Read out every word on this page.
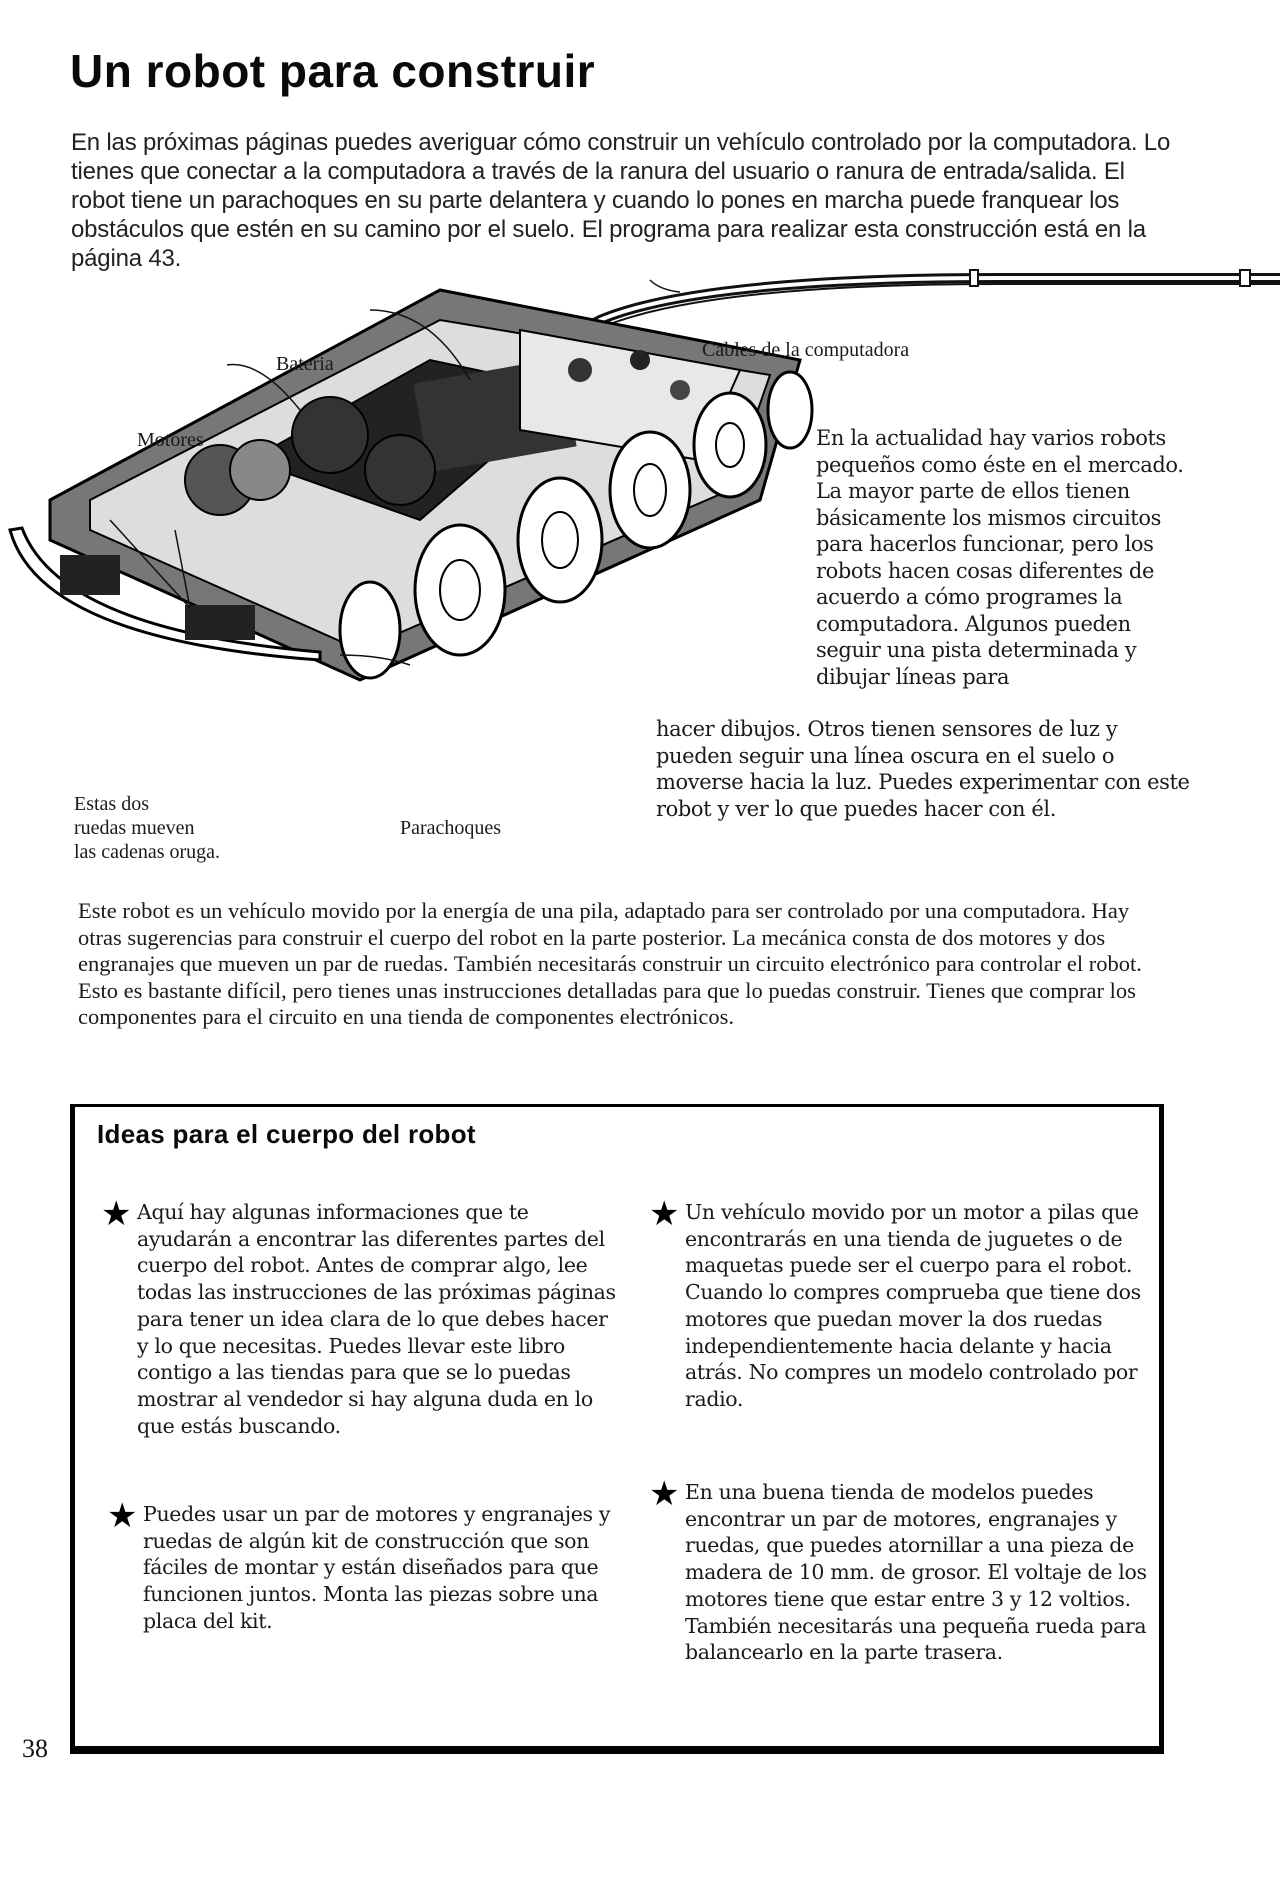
Un robot para construir

En las próximas páginas puedes averiguar cómo construir un vehículo controlado por la computadora. Lo tienes que conectar a la computadora a través de la ranura del usuario o ranura de entrada/salida. El robot tiene un parachoques en su parte delantera y cuando lo pones en marcha puede franquear los obstáculos que estén en su camino por el suelo. El programa para realizar esta construcción está en la página 43.

Cables de la computadora
Bateria
Motores
Estas dos
ruedas mueven
las cadenas oruga.
Parachoques
En la actualidad hay varios robots pequeños como éste en el mercado. La mayor parte de ellos tienen básicamente los mismos circuitos para hacerlos funcionar, pero los robots hacen cosas diferentes de acuerdo a cómo programes la computadora. Algunos pueden seguir una pista determinada y dibujar líneas para
hacer dibujos. Otros tienen sensores de luz y pueden seguir una línea oscura en el suelo o moverse hacia la luz. Puedes experimentar con este robot y ver lo que puedes hacer con él.

Este robot es un vehículo movido por la energía de una pila, adaptado para ser controlado por una computadora. Hay otras sugerencias para construir el cuerpo del robot en la parte posterior. La mecánica consta de dos motores y dos engranajes que mueven un par de ruedas. También necesitarás construir un circuito electrónico para controlar el robot. Esto es bastante difícil, pero tienes unas instrucciones detalladas para que lo puedas construir. Tienes que comprar los componentes para el circuito en una tienda de componentes electrónicos.

Ideas para el cuerpo del robot
★ Aquí hay algunas informaciones que te ayudarán a encontrar las diferentes partes del cuerpo del robot. Antes de comprar algo, lee todas las instrucciones de las próximas páginas para tener un idea clara de lo que debes hacer y lo que necesitas. Puedes llevar este libro contigo a las tiendas para que se lo puedas mostrar al vendedor si hay alguna duda en lo que estás buscando.
★ Puedes usar un par de motores y engranajes y ruedas de algún kit de construcción que son fáciles de montar y están diseñados para que funcionen juntos. Monta las piezas sobre una placa del kit.
★ Un vehículo movido por un motor a pilas que encontrarás en una tienda de juguetes o de maquetas puede ser el cuerpo para el robot. Cuando lo compres comprueba que tiene dos motores que puedan mover la dos ruedas independientemente hacia delante y hacia atrás. No compres un modelo controlado por radio.
★ En una buena tienda de modelos puedes encontrar un par de motores, engranajes y ruedas, que puedes atornillar a una pieza de madera de 10 mm. de grosor. El voltaje de los motores tiene que estar entre 3 y 12 voltios. También necesitarás una pequeña rueda para balancearlo en la parte trasera.
38
